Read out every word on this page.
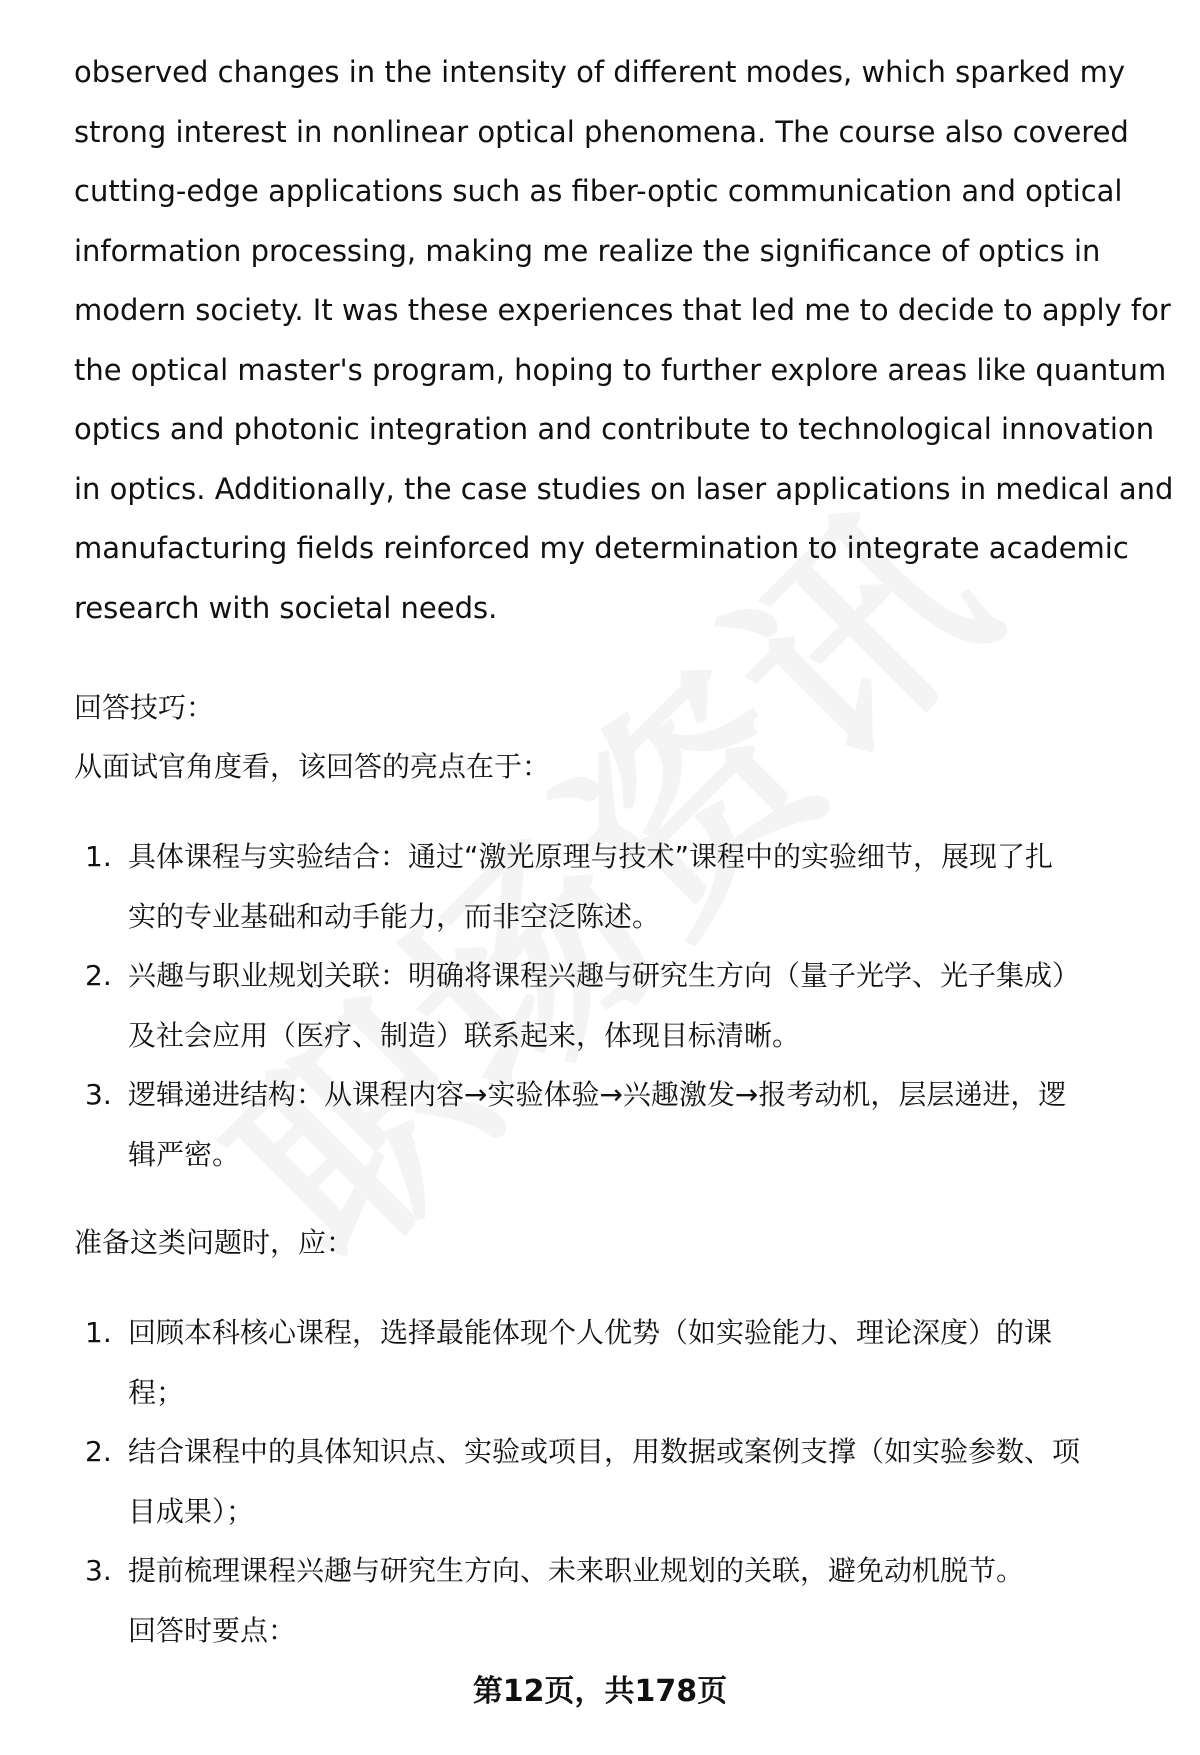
observed changes in the intensity of different modes, which sparked my
strong interest in nonlinear optical phenomena. The course also covered
cutting-edge applications such as fiber-optic communication and optical
information processing, making me realize the significance of optics in
modern society. It was these experiences that led me to decide to apply for
the optical master's program, hoping to further explore areas like quantum
optics and photonic integration and contribute to technological innovation
in optics. Additionally, the case studies on laser applications in medical and
manufacturing fields reinforced my determination to integrate academic
research with societal needs.

回答技巧：

从面试官角度看，该回答的亮点在于：

1. 具体课程与实验结合：通过“激光原理与技术”课程中的实验细节，展现了扎
实的专业基础和动手能力，而非空泛陈述。
2. 兴趣与职业规划关联：明确将课程兴趣与研究生方向（量子光学、光子集成）
及社会应用（医疗、制造）联系起来，体现目标清晰。
3. 逻辑递进结构：从课程内容→实验体验→兴趣激发→报考动机，层层递进，逻
辑严密。

准备这类问题时，应：

1. 回顾本科核心课程，选择最能体现个人优势（如实验能力、理论深度）的课
程；
2. 结合课程中的具体知识点、实验或项目，用数据或案例支撑（如实验参数、项
目成果）；
3. 提前梳理课程兴趣与研究生方向、未来职业规划的关联，避免动机脱节。
回答时要点：

第12页，共178页
